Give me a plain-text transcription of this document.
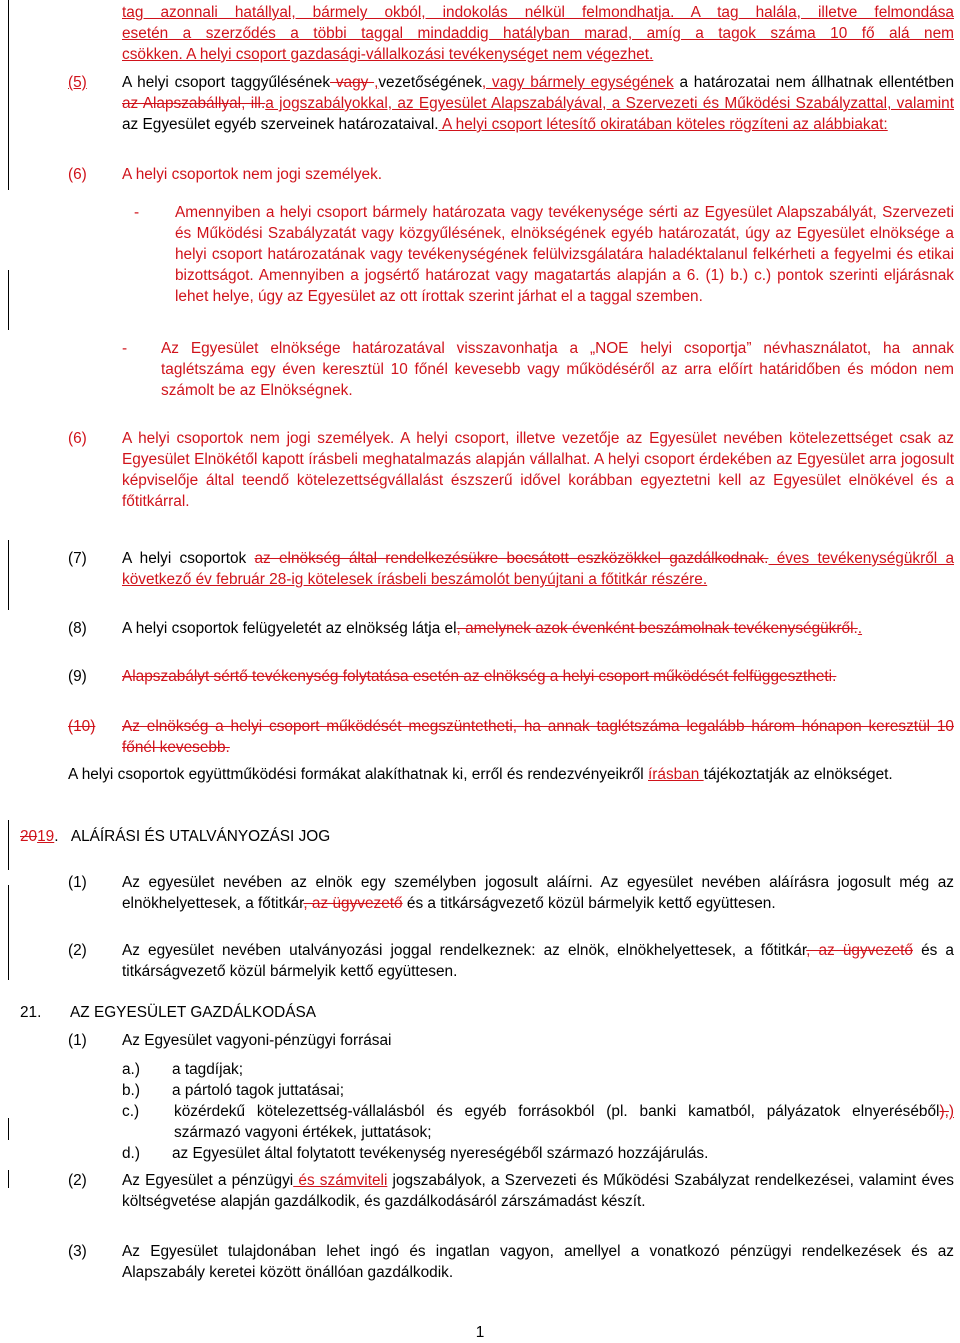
tag azonnali hatállyal, bármely okból, indokolás nélkül felmondhatja. A tag halála, illetve felmondása
esetén a szerződés a többi taggal mindaddig hatályban marad, amíg a tagok száma 10 fő alá nem
csökken. A helyi csoport gazdasági-vállalkozási tevékenységet nem végezhet.
(5) A helyi csoport taggyűlésének vagy ,vezetőségének, vagy bármely egységének a határozatai nem állhatnak ellentétben az Alapszabállyal, ill.a jogszabályokkal, az Egyesület Alapszabályával, a Szervezeti és Működési Szabályzattal, valamint az Egyesület egyéb szerveinek határozataival. A helyi csoport létesítő okiratában köteles rögzíteni az alábbiakat:
(6) A helyi csoportok nem jogi személyek.
- Amennyiben a helyi csoport bármely határozata vagy tevékenysége sérti az Egyesület Alapszabályát, Szervezeti és Működési Szabályzatát vagy közgyűlésének, elnökségének egyéb határozatát, úgy az Egyesület elnöksége a helyi csoport határozatának vagy tevékenységének felülvizsgálatára haladéktalanul felkérheti a fegyelmi és etikai bizottságot. Amennyiben a jogsértő határozat vagy magatartás alapján a 6. (1) b.) c.) pontok szerinti eljárásnak lehet helye, úgy az Egyesület az ott írottak szerint járhat el a taggal szemben.
- Az Egyesület elnöksége határozatával visszavonhatja a „NOE helyi csoportja” névhasználatot, ha annak taglétszáma egy éven keresztül 10 főnél kevesebb vagy működéséről az arra előírt határidőben és módon nem számolt be az Elnökségnek.
(6) A helyi csoportok nem jogi személyek. A helyi csoport, illetve vezetője az Egyesület nevében kötelezettséget csak az Egyesület Elnökétől kapott írásbeli meghatalmazás alapján vállalhat. A helyi csoport érdekében az Egyesület arra jogosult képviselője által teendő kötelezettségvállalást észszerű idővel korábban egyeztetni kell az Egyesület elnökével és a főtitkárral.
(7) A helyi csoportok az elnökség által rendelkezésükre bocsátott eszközökkel gazdálkodnak. éves tevékenységükről a következő év február 28-ig kötelesek írásbeli beszámolót benyújtani a főtitkár részére.
(8) A helyi csoportok felügyeletét az elnökség látja el, amelynek azok évenként beszámolnak tevékenységükről..
(9) Alapszabályt sértő tevékenység folytatása esetén az elnökség a helyi csoport működését felfüggesztheti.
(10) Az elnökség a helyi csoport működését megszüntetheti, ha annak taglétszáma legalább három hónapon keresztül 10 főnél kevesebb.
A helyi csoportok együttműködési formákat alakíthatnak ki, erről és rendezvényeikről írásban tájékoztatják az elnökséget.
2019. ALÁÍRÁSI ÉS UTALVÁNYOZÁSI JOG
(1) Az egyesület nevében az elnök egy személyben jogosult aláírni. Az egyesület nevében aláírásra jogosult még az elnökhelyettesek, a főtitkár, az ügyvezető és a titkárságvezető közül bármelyik kettő együttesen.
(2) Az egyesület nevében utalványozási joggal rendelkeznek: az elnök, elnökhelyettesek, a főtitkár, az ügyvezető és a titkárságvezető közül bármelyik kettő együttesen.
21. AZ EGYESÜLET GAZDÁLKODÁSA
(1) Az Egyesület vagyoni-pénzügyi forrásai
a.) a tagdíjak;
b.) a pártoló tagok juttatásai;
c.) közérdekű kötelezettség-vállalásból és egyéb forrásokból (pl. banki kamatból, pályázatok elnyeréséből),) származó vagyoni értékek, juttatások;
d.) az Egyesület által folytatott tevékenység nyereségéből származó hozzájárulás.
(2) Az Egyesület a pénzügyi és számviteli jogszabályok, a Szervezeti és Működési Szabályzat rendelkezései, valamint éves költségvetése alapján gazdálkodik, és gazdálkodásáról zárszámadást készít.
(3) Az Egyesület tulajdonában lehet ingó és ingatlan vagyon, amellyel a vonatkozó pénzügyi rendelkezések és az Alapszabály keretei között önállóan gazdálkodik.
1
